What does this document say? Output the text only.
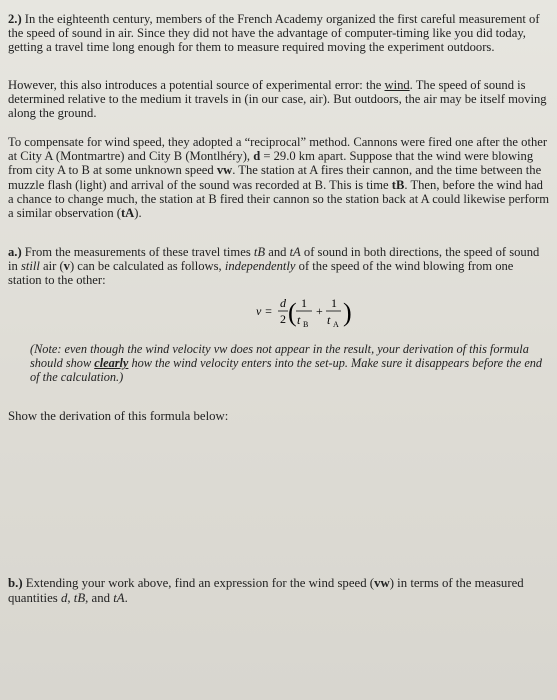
2.) In the eighteenth century, members of the French Academy organized the first careful measurement of the speed of sound in air. Since they did not have the advantage of computer-timing like you did today, getting a travel time long enough for them to measure required moving the experiment outdoors.
However, this also introduces a potential source of experimental error: the wind. The speed of sound is determined relative to the medium it travels in (in our case, air). But outdoors, the air may be itself moving along the ground.
To compensate for wind speed, they adopted a “reciprocal” method. Cannons were fired one after the other at City A (Montmartre) and City B (Montlhéry), d = 29.0 km apart. Suppose that the wind were blowing from city A to B at some unknown speed vw. The station at A fires their cannon, and the time between the muzzle flash (light) and arrival of the sound was recorded at B. This is time tB. Then, before the wind had a chance to change much, the station at B fired their cannon so the station back at A could likewise perform a similar observation (tA).
a.) From the measurements of these travel times tB and tA of sound in both directions, the speed of sound in still air (v) can be calculated as follows, independently of the speed of the wind blowing from one station to the other:
v =
d
2 ( 1
t B
+
1
t A )
(Note: even though the wind velocity vw does not appear in the result, your derivation of this formula should show clearly how the wind velocity enters into the set-up. Make sure it disappears before the end of the calculation.)
Show the derivation of this formula below:
b.) Extending your work above, find an expression for the wind speed (vw) in terms of the measured quantities d, tB, and tA.
